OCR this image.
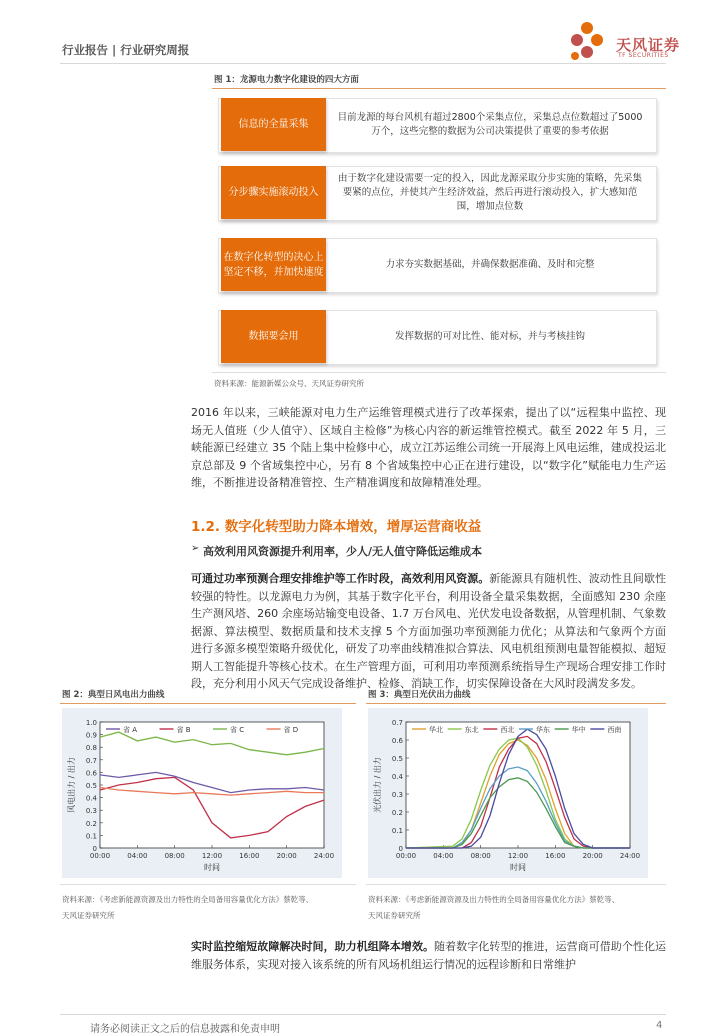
行业报告 | 行业研究周报	天风证券
TF SECURITIES
图 1：龙源电力数字化建设的四大方面
信息的全量采集
目前龙源的每台风机有超过2800个采集点位，采集总点位数超过了5000万个，这些完整的数据为公司决策提供了重要的参考依据
分步骤实施滚动投入
由于数字化建设需要一定的投入，因此龙源采取分步实施的策略，先采集要紧的点位，并使其产生经济效益，然后再进行滚动投入，扩大感知范围，增加点位数
在数字化转型的决心上坚定不移，并加快速度
力求夯实数据基础，并确保数据准确、及时和完整
数据要会用	发挥数据的可对比性、能对标，并与考核挂钩
资料来源：能源新媒公众号、天风证券研究所
2016 年以来，三峡能源对电力生产运维管理模式进行了改革探索，提出了以“远程集中监控、现场无人值班（少人值守）、区域自主检修”为核心内容的新运维管控模式。截至 2022 年 5 月，三峡能源已经建立 35 个陆上集中检修中心，成立江苏运维公司统一开展海上风电运维，建成投运北京总部及 9 个省域集控中心，另有 8 个省域集控中心正在进行建设，以“数字化”赋能电力生产运维，不断推进设备精准管控、生产精准调度和故障精准处理。
1.2. 数字化转型助力降本增效，增厚运营商收益
➢ 高效利用风资源提升利用率，少人/无人值守降低运维成本
可通过功率预测合理安排维护等工作时段，高效利用风资源。新能源具有随机性、波动性且间歇性较强的特性。以龙源电力为例，其基于数字化平台，利用设备全量采集数据，全面感知 230 余座生产测风塔、260 余座场站输变电设备、1.7 万台风电、光伏发电设备数据，从管理机制、气象数据源、算法模型、数据质量和技术支撑 5 个方面加强功率预测能力优化；从算法和气象两个方面进行多源多模型策略升级优化，研发了功率曲线精准拟合算法、风电机组预测电量智能模拟、超短期人工智能提升等核心技术。在生产管理方面，可利用功率预测系统指导生产现场合理安排工作时段，充分利用小风天气完成设备维护、检修、消缺工作，切实保障设备在大风时段满发多发。
图 2：典型日风电出力曲线
0
0.1
0.2
0.3
0.4
0.5
0.6
0.7
0.8
0.9
1.0
00:00 04:00 08:00 12:00 16:00 20:00 24:00
时间
风电出力 / 出力
省 A	省 B	省 C	省 D
资料来源：《考虑新能源资源及出力特性的全局备用容量优化方法》蔡乾等、
天风证券研究所
图 3：典型日光伏出力曲线
0
0.1
0.2
0.3
0.4
0.5
0.6
0.7
00:00 04:00 08:00 12:00 16:00 20:00 24:00
时间
光伏出力 / 出力
华北	东北	西北	华东	华中	西南
资料来源：《考虑新能源资源及出力特性的全局备用容量优化方法》蔡乾等、
天风证券研究所
实时监控缩短故障解决时间，助力机组降本增效。随着数字化转型的推进，运营商可借助个性化运维服务体系，实现对接入该系统的所有风场机组运行情况的远程诊断和日常维护
请务必阅读正文之后的信息披露和免责申明	4
